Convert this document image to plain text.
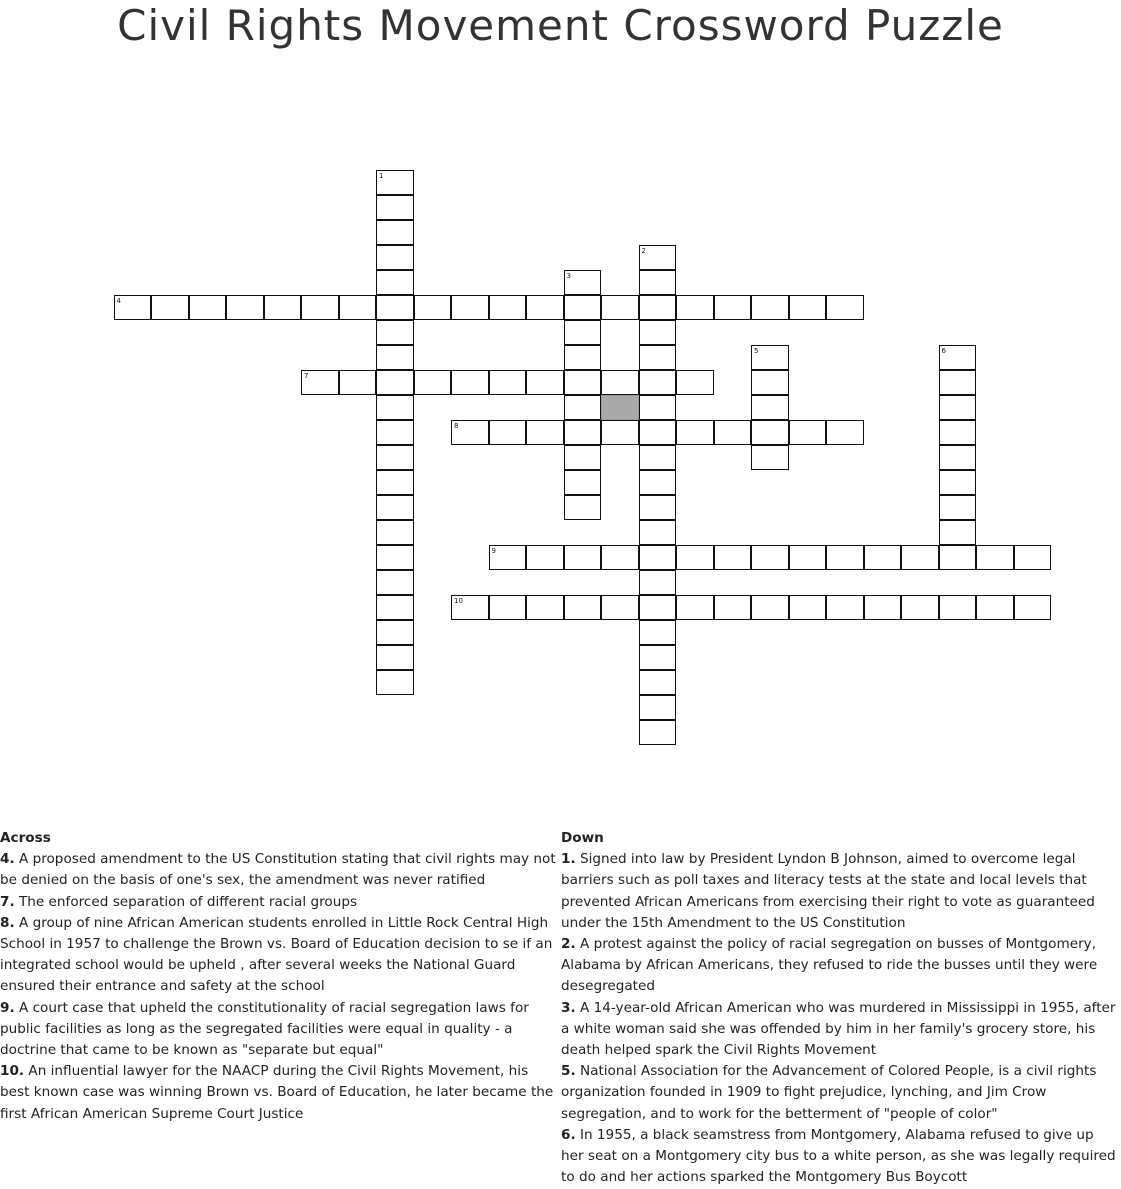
Civil Rights Movement Crossword Puzzle
1
2
3
4
5	6
7
8
9
10
Across

4. A proposed amendment to the US Constitution stating that civil rights may not be denied on the basis of one's sex, the amendment was never ratified

7. The enforced separation of different racial groups

8. A group of nine African American students enrolled in Little Rock Central High School in 1957 to challenge the Brown vs. Board of Education decision to se if an integrated school would be upheld , after several weeks the National Guard ensured their entrance and safety at the school

9. A court case that upheld the constitutionality of racial segregation laws for public facilities as long as the segregated facilities were equal in quality - a doctrine that came to be known as "separate but equal"

10. An influential lawyer for the NAACP during the Civil Rights Movement, his best known case was winning Brown vs. Board of Education, he later became the first African American Supreme Court Justice

Down

1. Signed into law by President Lyndon B Johnson, aimed to overcome legal barriers such as poll taxes and literacy tests at the state and local levels that prevented African Americans from exercising their right to vote as guaranteed under the 15th Amendment to the US Constitution

2. A protest against the policy of racial segregation on busses of Montgomery, Alabama by African Americans, they refused to ride the busses until they were desegregated

3. A 14-year-old African American who was murdered in Mississippi in 1955, after a white woman said she was offended by him in her family's grocery store, his death helped spark the Civil Rights Movement

5. National Association for the Advancement of Colored People, is a civil rights organization founded in 1909 to fight prejudice, lynching, and Jim Crow segregation, and to work for the betterment of "people of color"

6. In 1955, a black seamstress from Montgomery, Alabama refused to give up her seat on a Montgomery city bus to a white person, as she was legally required to do and her actions sparked the Montgomery Bus Boycott
